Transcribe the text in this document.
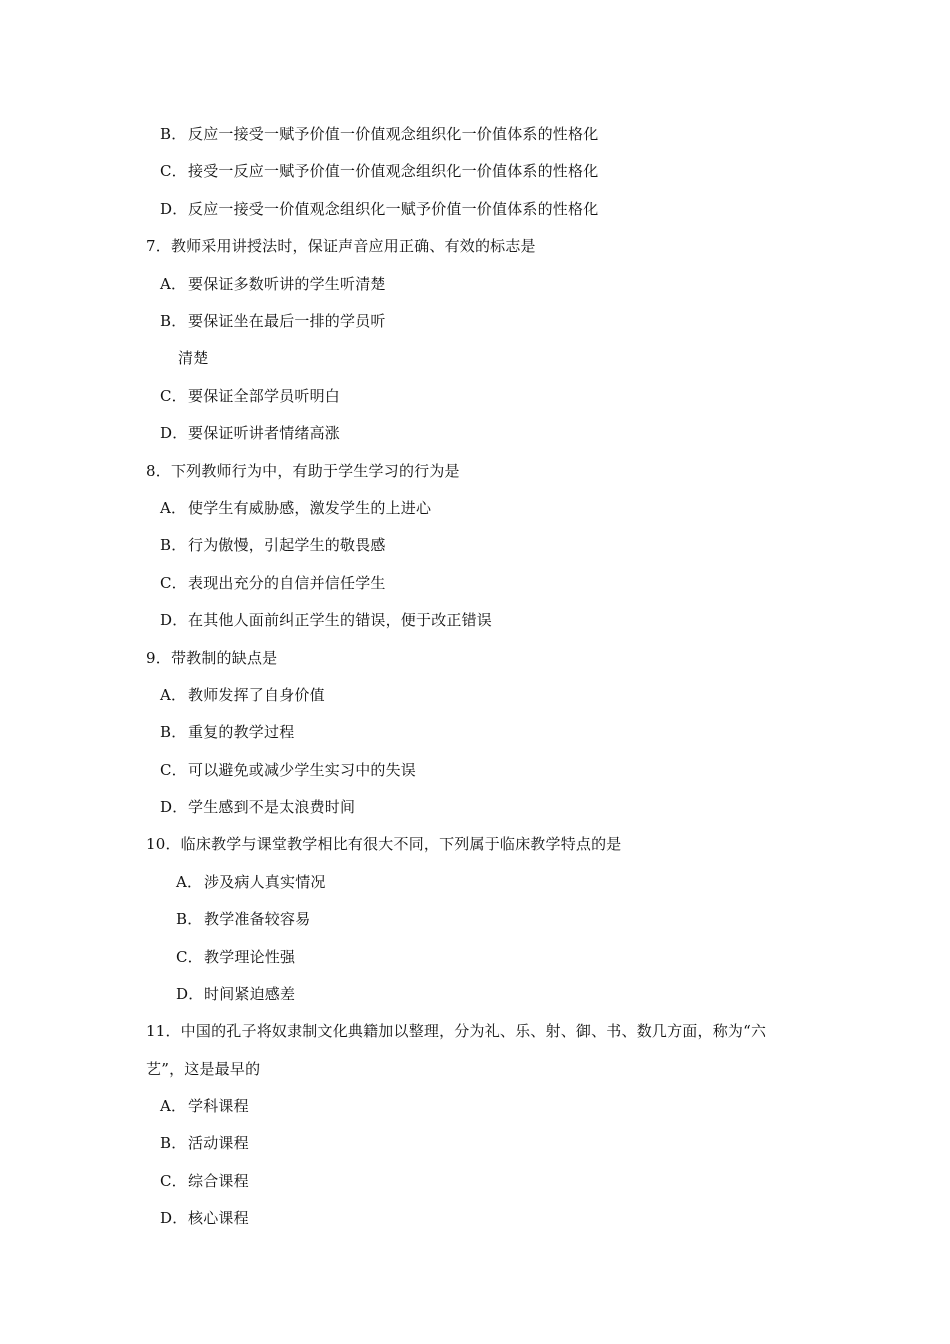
B． 反应一接受一赋予价值一价值观念组织化一价值体系的性格化
C．接受一反应一赋予价值一价值观念组织化一价值体系的性格化
D．反应一接受一价值观念组织化一赋予价值一价值体系的性格化
7．教师采用讲授法时，保证声音应用正确、有效的标志是
A． 要保证多数听讲的学生听清楚
B． 要保证坐在最后一排的学员听
清楚
C．要保证全部学员听明白
D．要保证听讲者情绪高涨
8．下列教师行为中，有助于学生学习的行为是
A． 使学生有威胁感，激发学生的上进心
B． 行为傲慢，引起学生的敬畏感
C．表现出充分的自信并信任学生
D．在其他人面前纠正学生的错误，便于改正错误
9．带教制的缺点是
A． 教师发挥了自身价值
B． 重复的教学过程
C．可以避免或减少学生实习中的失误
D．学生感到不是太浪费时间
10．临床教学与课堂教学相比有很大不同，下列属于临床教学特点的是
A． 涉及病人真实情况
B． 教学准备较容易
C．教学理论性强
D．时间紧迫感差
11．中国的孔子将奴隶制文化典籍加以整理，分为礼、乐、射、御、书、数几方面，称为“六
艺”，这是最早的
A． 学科课程
B． 活动课程
C．综合课程
D．核心课程
